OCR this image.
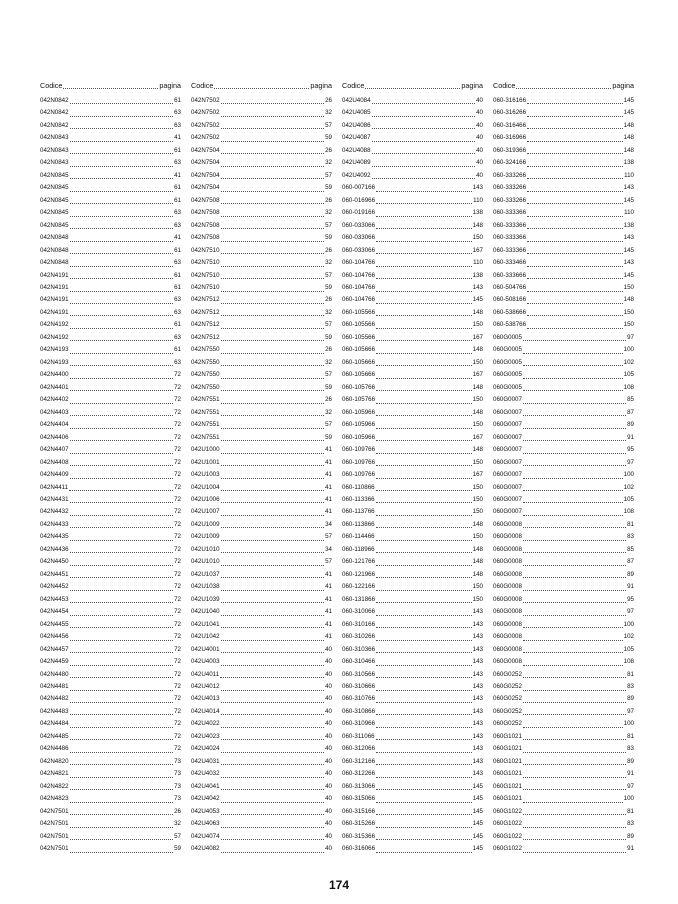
Codice	pagina
042N0842	61
042N0842	63
042N0842	63
042N0843	41
042N0843	61
042N0843	63
042N0845	41
042N0845	61
042N0845	61
042N0845	63
042N0845	63
042N0848	41
042N0848	61
042N0848	63
042N4191	61
042N4191	61
042N4191	63
042N4191	63
042N4192	61
042N4192	63
042N4193	61
042N4193	63
042N4400	72
042N4401	72
042N4402	72
042N4403	72
042N4404	72
042N4406	72
042N4407	72
042N4408	72
042N4409	72
042N4411	72
042N4431	72
042N4432	72
042N4433	72
042N4435	72
042N4436	72
042N4450	72
042N4451	72
042N4452	72
042N4453	72
042N4454	72
042N4455	72
042N4456	72
042N4457	72
042N4459	72
042N4480	72
042N4481	72
042N4482	72
042N4483	72
042N4484	72
042N4485	72
042N4486	72
042N4820	73
042N4821	73
042N4822	73
042N4823	73
042N7501	26
042N7501	32
042N7501	57
042N7501	59
Codice	pagina
042N7502	26
042N7502	32
042N7502	57
042N7502	59
042N7504	26
042N7504	32
042N7504	57
042N7504	59
042N7508	26
042N7508	32
042N7508	57
042N7508	59
042N7510	26
042N7510	32
042N7510	57
042N7510	59
042N7512	26
042N7512	32
042N7512	57
042N7512	59
042N7550	26
042N7550	32
042N7550	57
042N7550	59
042N7551	26
042N7551	32
042N7551	57
042N7551	59
042U1000	41
042U1001	41
042U1003	41
042U1004	41
042U1006	41
042U1007	41
042U1009	34
042U1009	57
042U1010	34
042U1010	57
042U1037	41
042U1038	41
042U1039	41
042U1040	41
042U1041	41
042U1042	41
042U4001	40
042U4003	40
042U4011	40
042U4012	40
042U4013	40
042U4014	40
042U4022	40
042U4023	40
042U4024	40
042U4031	40
042U4032	40
042U4041	40
042U4042	40
042U4053	40
042U4063	40
042U4074	40
042U4082	40
Codice	pagina
042U4084	40
042U4085	40
042U4086	40
042U4087	40
042U4088	40
042U4089	40
042U4092	40
060-007166	143
060-016966	110
060-019166	138
060-033066	148
060-033066	150
060-033066	167
060-104766	110
060-104766	138
060-104766	143
060-104766	145
060-105566	148
060-105566	150
060-105566	167
060-105666	148
060-105666	150
060-105666	167
060-105766	148
060-105766	150
060-105966	148
060-105966	150
060-105966	167
060-109766	148
060-109766	150
060-109766	167
060-110866	150
060-113366	150
060-113766	150
060-113866	148
060-114466	150
060-118966	148
060-121766	148
060-121966	148
060-122166	150
060-131866	150
060-310066	143
060-310166	143
060-310266	143
060-310366	143
060-310466	143
060-310566	143
060-310666	143
060-310766	143
060-310866	143
060-310966	143
060-311066	143
060-312066	143
060-312166	143
060-312266	143
060-313066	145
060-315066	145
060-315166	145
060-315266	145
060-315366	145
060-316066	145
Codice	pagina
060-316166	145
060-316266	145
060-316466	148
060-316966	148
060-319366	148
060-324166	138
060-333266	110
060-333266	143
060-333266	145
060-333366	110
060-333366	138
060-333366	143
060-333366	145
060-333466	143
060-333666	145
060-504766	150
060-508166	148
060-538666	150
060-538766	150
060G0005	97
060G0005	100
060G0005	102
060G0005	105
060G0005	108
060G0007	85
060G0007	87
060G0007	89
060G0007	91
060G0007	95
060G0007	97
060G0007	100
060G0007	102
060G0007	105
060G0007	108
060G0008	81
060G0008	83
060G0008	85
060G0008	87
060G0008	89
060G0008	91
060G0008	95
060G0008	97
060G0008	100
060G0008	102
060G0008	105
060G0008	108
060G0252	81
060G0252	83
060G0252	89
060G0252	97
060G0252	100
060G1021	81
060G1021	83
060G1021	89
060G1021	91
060G1021	97
060G1021	100
060G1022	81
060G1022	83
060G1022	89
060G1022	91
174
